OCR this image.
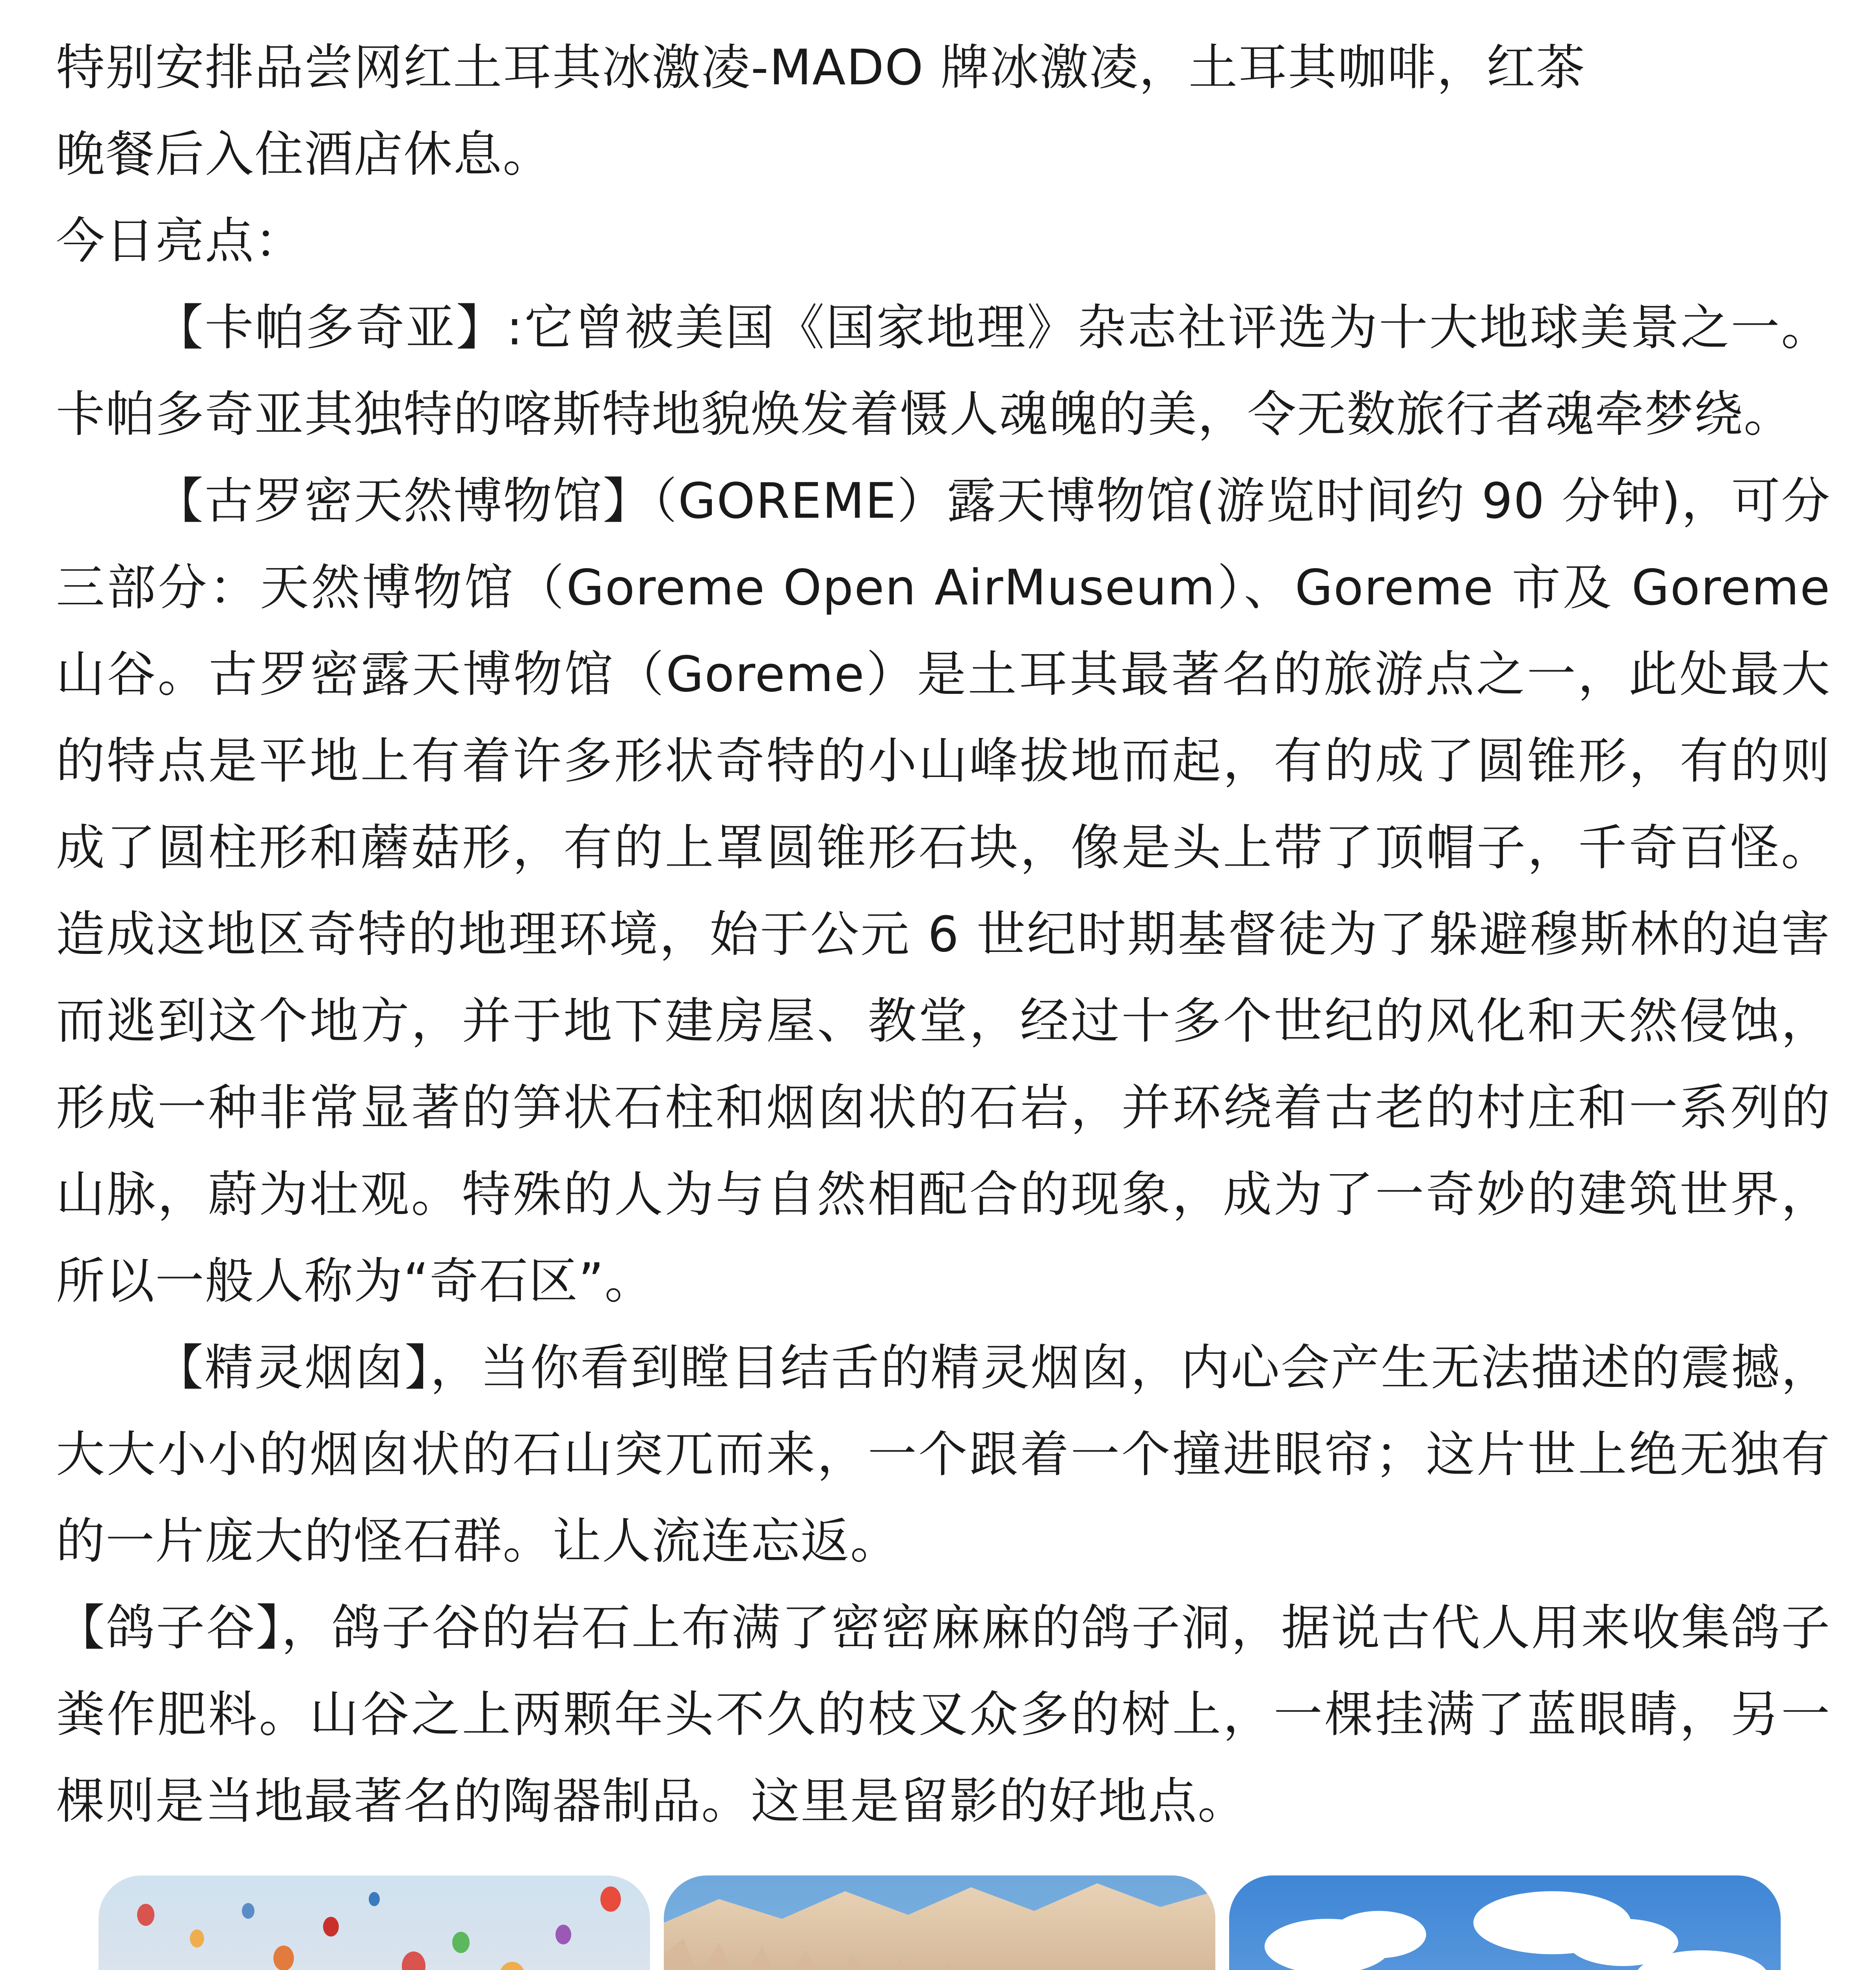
特别安排品尝网红土耳其冰激凌-MADO 牌冰激凌，土耳其咖啡，红茶

晚餐后入住酒店休息。

今日亮点：

【卡帕多奇亚】:它曾被美国《国家地理》杂志社评选为十大地球美景之一。卡帕多奇亚其独特的喀斯特地貌焕发着慑人魂魄的美，令无数旅行者魂牵梦绕。

【古罗密天然博物馆】（GOREME）露天博物馆(游览时间约 90 分钟)，可分三部分：天然博物馆（Goreme Open AirMuseum）、Goreme 市及 Goreme 山谷。古罗密露天博物馆（Goreme）是土耳其最著名的旅游点之一，此处最大的特点是平地上有着许多形状奇特的小山峰拔地而起，有的成了圆锥形，有的则成了圆柱形和蘑菇形，有的上罩圆锥形石块，像是头上带了顶帽子，千奇百怪。造成这地区奇特的地理环境，始于公元 6 世纪时期基督徒为了躲避穆斯林的迫害而逃到这个地方，并于地下建房屋、教堂，经过十多个世纪的风化和天然侵蚀，形成一种非常显著的笋状石柱和烟囱状的石岩，并环绕着古老的村庄和一系列的山脉，蔚为壮观。特殊的人为与自然相配合的现象，成为了一奇妙的建筑世界，所以一般人称为“奇石区”。

【精灵烟囱】，当你看到瞠目结舌的精灵烟囱，内心会产生无法描述的震撼，大大小小的烟囱状的石山突兀而来，一个跟着一个撞进眼帘；这片世上绝无独有的一片庞大的怪石群。让人流连忘返。

【鸽子谷】，鸽子谷的岩石上布满了密密麻麻的鸽子洞，据说古代人用来收集鸽子粪作肥料。山谷之上两颗年头不久的枝叉众多的树上，一棵挂满了蓝眼睛，另一棵则是当地最著名的陶器制品。这里是留影的好地点。
